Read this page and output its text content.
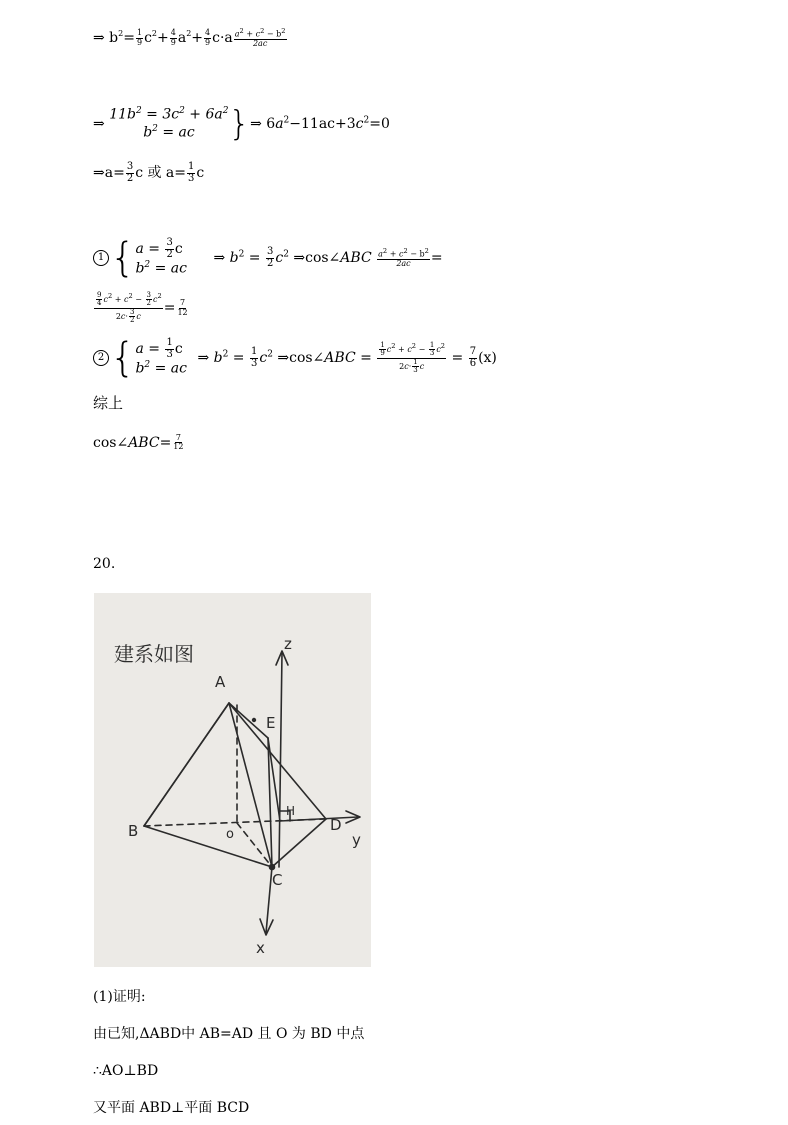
⇒ $b^2= \frac{1}{9} c^2+ \frac{4}{9} a^2+ \frac{4}{9} c\cdot a \frac{a^2 + c^2 - b^2}{2ac}$
⇒
$11b^2 = 3c^2 + 6a^2$
$b^2$ = ac }⇒ $6a^2-11ac+3c^2=0$
⇒a= $\frac{3}{2}$ c 或 $a= \frac{1}{3}$ c
1 { $a = \frac{3}{2}$ c
$b^2$ = ac
⇒ $b^2 = \frac{3}{2} c^2$ ⇒cos∠ABC $\frac{a^2 + c^2 - b^2}{2ac}$ =
$\frac{\frac{9}{4} c^2 + c^2 - \frac{3}{2} c^2}{2c\cdot \frac{3}{2} c} = \frac{7}{12}$
2 { $a = \frac{1}{3}$ c
$b^2$ = ac
⇒ $b^2 = \frac{1}{3} c^2$ ⇒cos∠ABC = $\frac{\frac{1}{9} c^2 + c^2 - \frac{1}{3} c^2}{2c\cdot \frac{1}{3} c} = \frac{7}{6} (x)$
综上
cos∠ABC= $\frac{7}{12}$
20.
建系如图
A
B
C
D
E
H
o
x
y
z
(1)证明:
由已知,ΔABD中 AB=AD 且 O 为 BD 中点
∴AO⊥BD
又平面 ABD⊥平面 BCD
